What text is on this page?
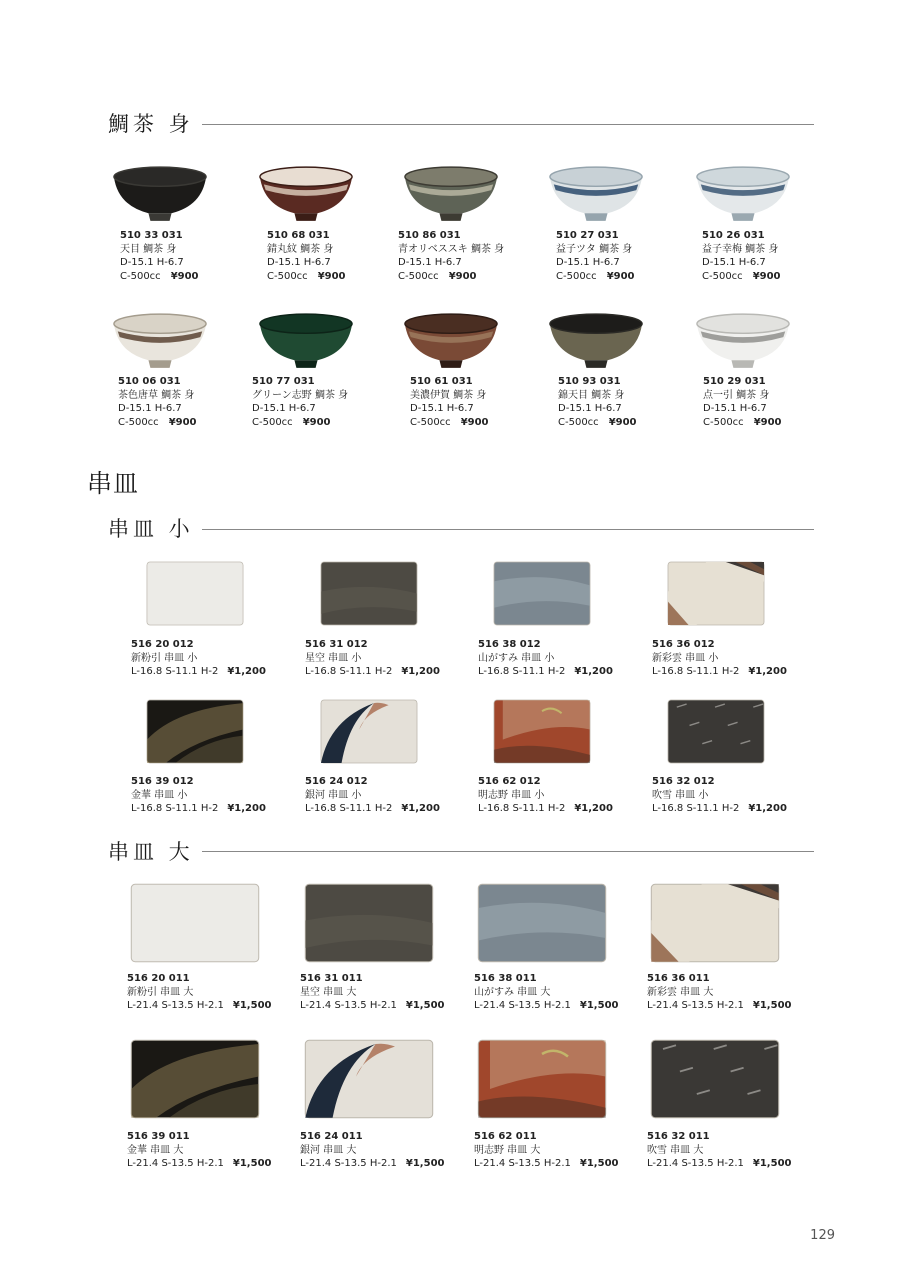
鯛茶 身
串皿
串皿 小
串皿 大
510 33 031
天目 鯛茶 身
D-15.1 H-6.7
C-500cc ¥900
510 68 031
錆丸紋 鯛茶 身
D-15.1 H-6.7
C-500cc ¥900
510 86 031
青オリベススキ 鯛茶 身
D-15.1 H-6.7
C-500cc ¥900
510 27 031
益子ツタ 鯛茶 身
D-15.1 H-6.7
C-500cc ¥900
510 26 031
益子幸梅 鯛茶 身
D-15.1 H-6.7
C-500cc ¥900
510 06 031
茶色唐草 鯛茶 身
D-15.1 H-6.7
C-500cc ¥900
510 77 031
グリーン志野 鯛茶 身
D-15.1 H-6.7
C-500cc ¥900
510 61 031
美濃伊賀 鯛茶 身
D-15.1 H-6.7
C-500cc ¥900
510 93 031
錦天目 鯛茶 身
D-15.1 H-6.7
C-500cc ¥900
510 29 031
点一引 鯛茶 身
D-15.1 H-6.7
C-500cc ¥900
516 20 012
新粉引 串皿 小
L-16.8 S-11.1 H-2 ¥1,200
516 31 012
星空 串皿 小
L-16.8 S-11.1 H-2 ¥1,200
516 38 012
山がすみ 串皿 小
L-16.8 S-11.1 H-2 ¥1,200
516 36 012
新彩雲 串皿 小
L-16.8 S-11.1 H-2 ¥1,200
516 39 012
金華 串皿 小
L-16.8 S-11.1 H-2 ¥1,200
516 24 012
銀河 串皿 小
L-16.8 S-11.1 H-2 ¥1,200
516 62 012
明志野 串皿 小
L-16.8 S-11.1 H-2 ¥1,200
516 32 012
吹雪 串皿 小
L-16.8 S-11.1 H-2 ¥1,200
516 20 011
新粉引 串皿 大
L-21.4 S-13.5 H-2.1 ¥1,500
516 31 011
星空 串皿 大
L-21.4 S-13.5 H-2.1 ¥1,500
516 38 011
山がすみ 串皿 大
L-21.4 S-13.5 H-2.1 ¥1,500
516 36 011
新彩雲 串皿 大
L-21.4 S-13.5 H-2.1 ¥1,500
516 39 011
金華 串皿 大
L-21.4 S-13.5 H-2.1 ¥1,500
516 24 011
銀河 串皿 大
L-21.4 S-13.5 H-2.1 ¥1,500
516 62 011
明志野 串皿 大
L-21.4 S-13.5 H-2.1 ¥1,500
516 32 011
吹雪 串皿 大
L-21.4 S-13.5 H-2.1 ¥1,500
129
